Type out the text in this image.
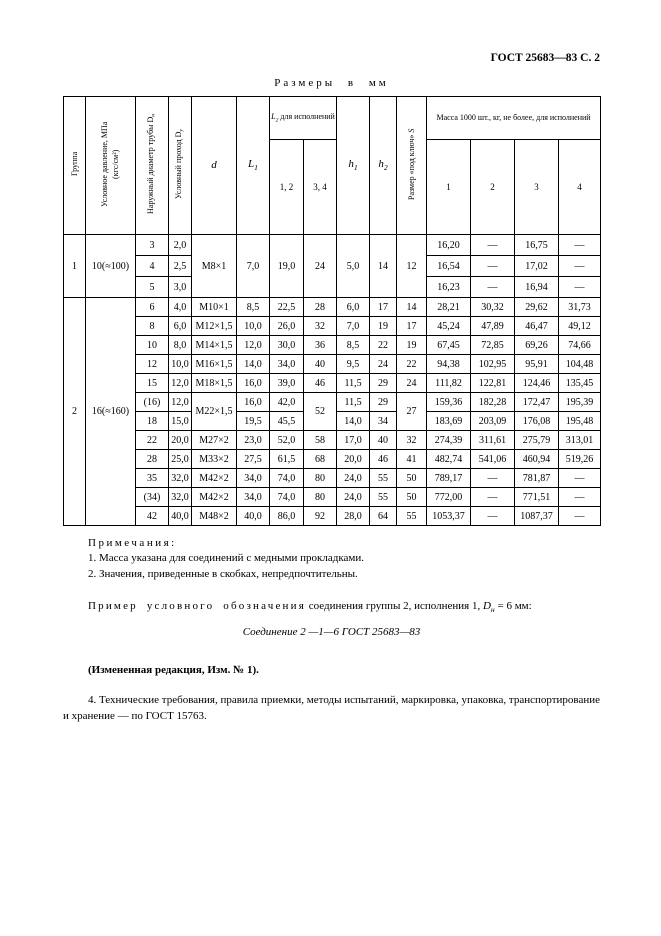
ГОСТ 25683—83 С. 2
Размеры в мм
Группа	Условное давление, МПа (кгс/см²)	Наружный диаметр трубы $D_н$	Условный проход $D_у$	d	$L_1$	$L_2$ для исполнений		$h_1$	$h_2$	Размер «под ключ» S	Масса 1000 шт., кг, не более, для исполнений			
						1, 2	3, 4				1	2	3	4
1	10(≈100)	3	2,0	М8×1	7,0	19,0	24	5,0	14	12	16,20	—	16,75	—
		4	2,5								16,54	—	17,02	—
		5	3,0								16,23	—	16,94	—
2	16(≈160)	6	4,0	М10×1	8,5	22,5	28	6,0	17	14	28,21	30,32	29,62	31,73
		8	6,0	М12×1,5	10,0	26,0	32	7,0	19	17	45,24	47,89	46,47	49,12
		10	8,0	М14×1,5	12,0	30,0	36	8,5	22	19	67,45	72,85	69,26	74,66
		12	10,0	М16×1,5	14,0	34,0	40	9,5	24	22	94,38	102,95	95,91	104,48
		15	12,0	М18×1,5	16,0	39,0	46	11,5	29	24	111,82	122,81	124,46	135,45
		(16)	12,0	М22×1,5	16,0	42,0	52	11,5	29	27	159,36	182,28	172,47	195,39
		18	15,0		19,5	45,5		14,0	34		183,69	203,09	176,08	195,48
		22	20,0	М27×2	23,0	52,0	58	17,0	40	32	274,39	311,61	275,79	313,01
		28	25,0	М33×2	27,5	61,5	68	20,0	46	41	482,74	541,06	460,94	519,26
		35	32,0	М42×2	34,0	74,0	80	24,0	55	50	789,17	—	781,87	—
		(34)	32,0	М42×2	34,0	74,0	80	24,0	55	50	772,00	—	771,51	—
		42	40,0	М48×2	40,0	86,0	92	28,0	64	55	1053,37	—	1087,37	—
Примечания:
1. Масса указана для соединений с медными прокладками.
2. Значения, приведенные в скобках, непредпочтительны.

Пример условного обозначения соединения группы 2, исполнения 1, $D_н = 6$ мм:

Соединение 2 —1—6 ГОСТ 25683—83

(Измененная редакция, Изм. № 1).

4. Технические требования, правила приемки, методы испытаний, маркировка, упаковка, транспортирование и хранение — по ГОСТ 15763.
